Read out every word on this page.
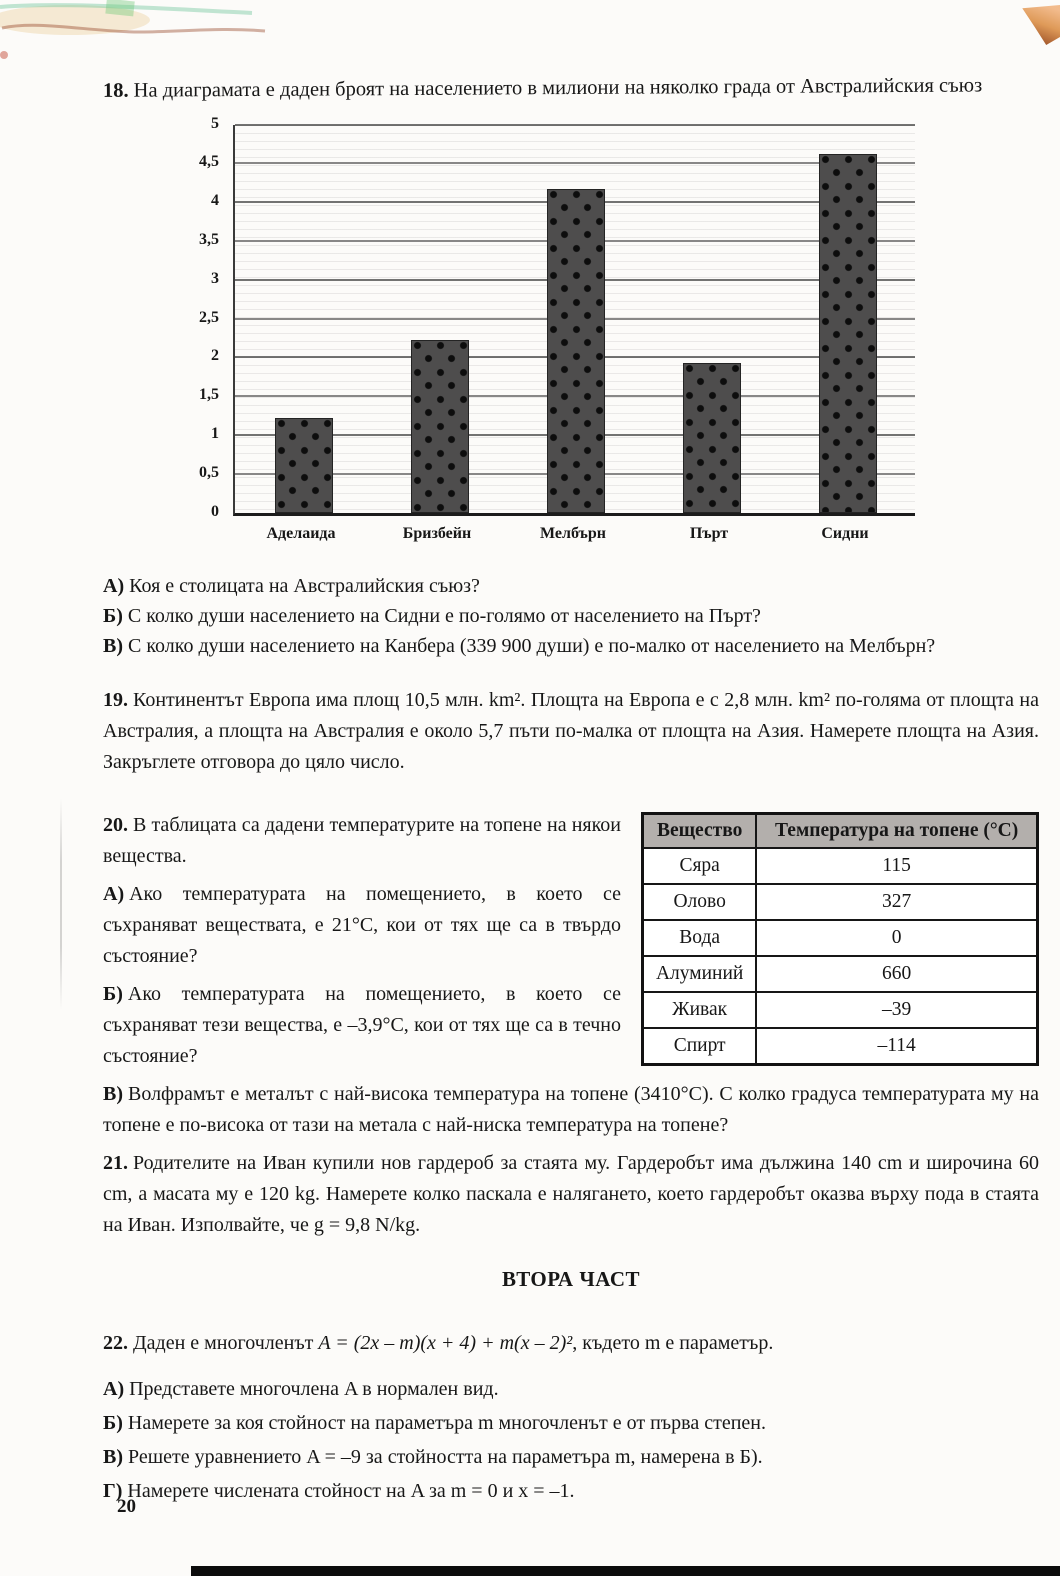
18. На диаграмата е даден броят на населението в милиони на няколко града от Австралийския съюз
5
4,5
4
3,5
3
2,5
2
1,5
1
0,5
0
Аделаида	Бризбейн	Мелбърн	Пърт	Сидни

А) Коя е столицата на Австралийския съюз?

Б) С колко души населението на Сидни е по-голямо от населението на Пърт?

В) С колко души населението на Канбера (339 900 души) е по-малко от населението на Мелбърн?

19. Континентът Европа има площ 10,5 млн. km². Площта на Европа е с 2,8 млн. km² по-голяма от площта на Австралия, а площта на Австралия е около 5,7 пъти по-малка от площта на Азия. Намерете площта на Азия. Закръглете отговора до цяло число.

Вещество	Температура на топене (°C)
Сяра	115
Олово	327
Вода	0
Алуминий	660
Живак	–39
Спирт	–114

20. В таблицата са дадени температурите на топене на някои вещества.

А) Ако температурата на помещението, в което се съхраняват веществата, е 21°C, кои от тях ще са в твърдо състояние?

Б) Ако температурата на помещението, в което се съхраняват тези вещества, е –3,9°C, кои от тях ще са в течно състояние?

В) Волфрамът е металът с най-висока температура на топене (3410°C). С колко градуса температурата му на топене е по-висока от тази на метала с най-ниска температура на топене?

21. Родителите на Иван купили нов гардероб за стаята му. Гардеробът има дължина 140 cm и широчина 60 cm, а масата му е 120 kg. Намерете колко паскала е налягането, което гардеробът оказва върху пода в стаята на Иван. Изполвайте, че g = 9,8 N/kg.

ВТОРА ЧАСТ

22. Даден е многочленът A = (2x – m)(x + 4) + m(x – 2)², където m е параметър.

А) Представете многочлена A в нормален вид.

Б) Намерете за коя стойност на параметъра m многочленът е от първа степен.

В) Решете уравнението A = –9 за стойността на параметъра m, намерена в Б).

Г) Намерете числената стойност на A за m = 0 и x = –1.

20
